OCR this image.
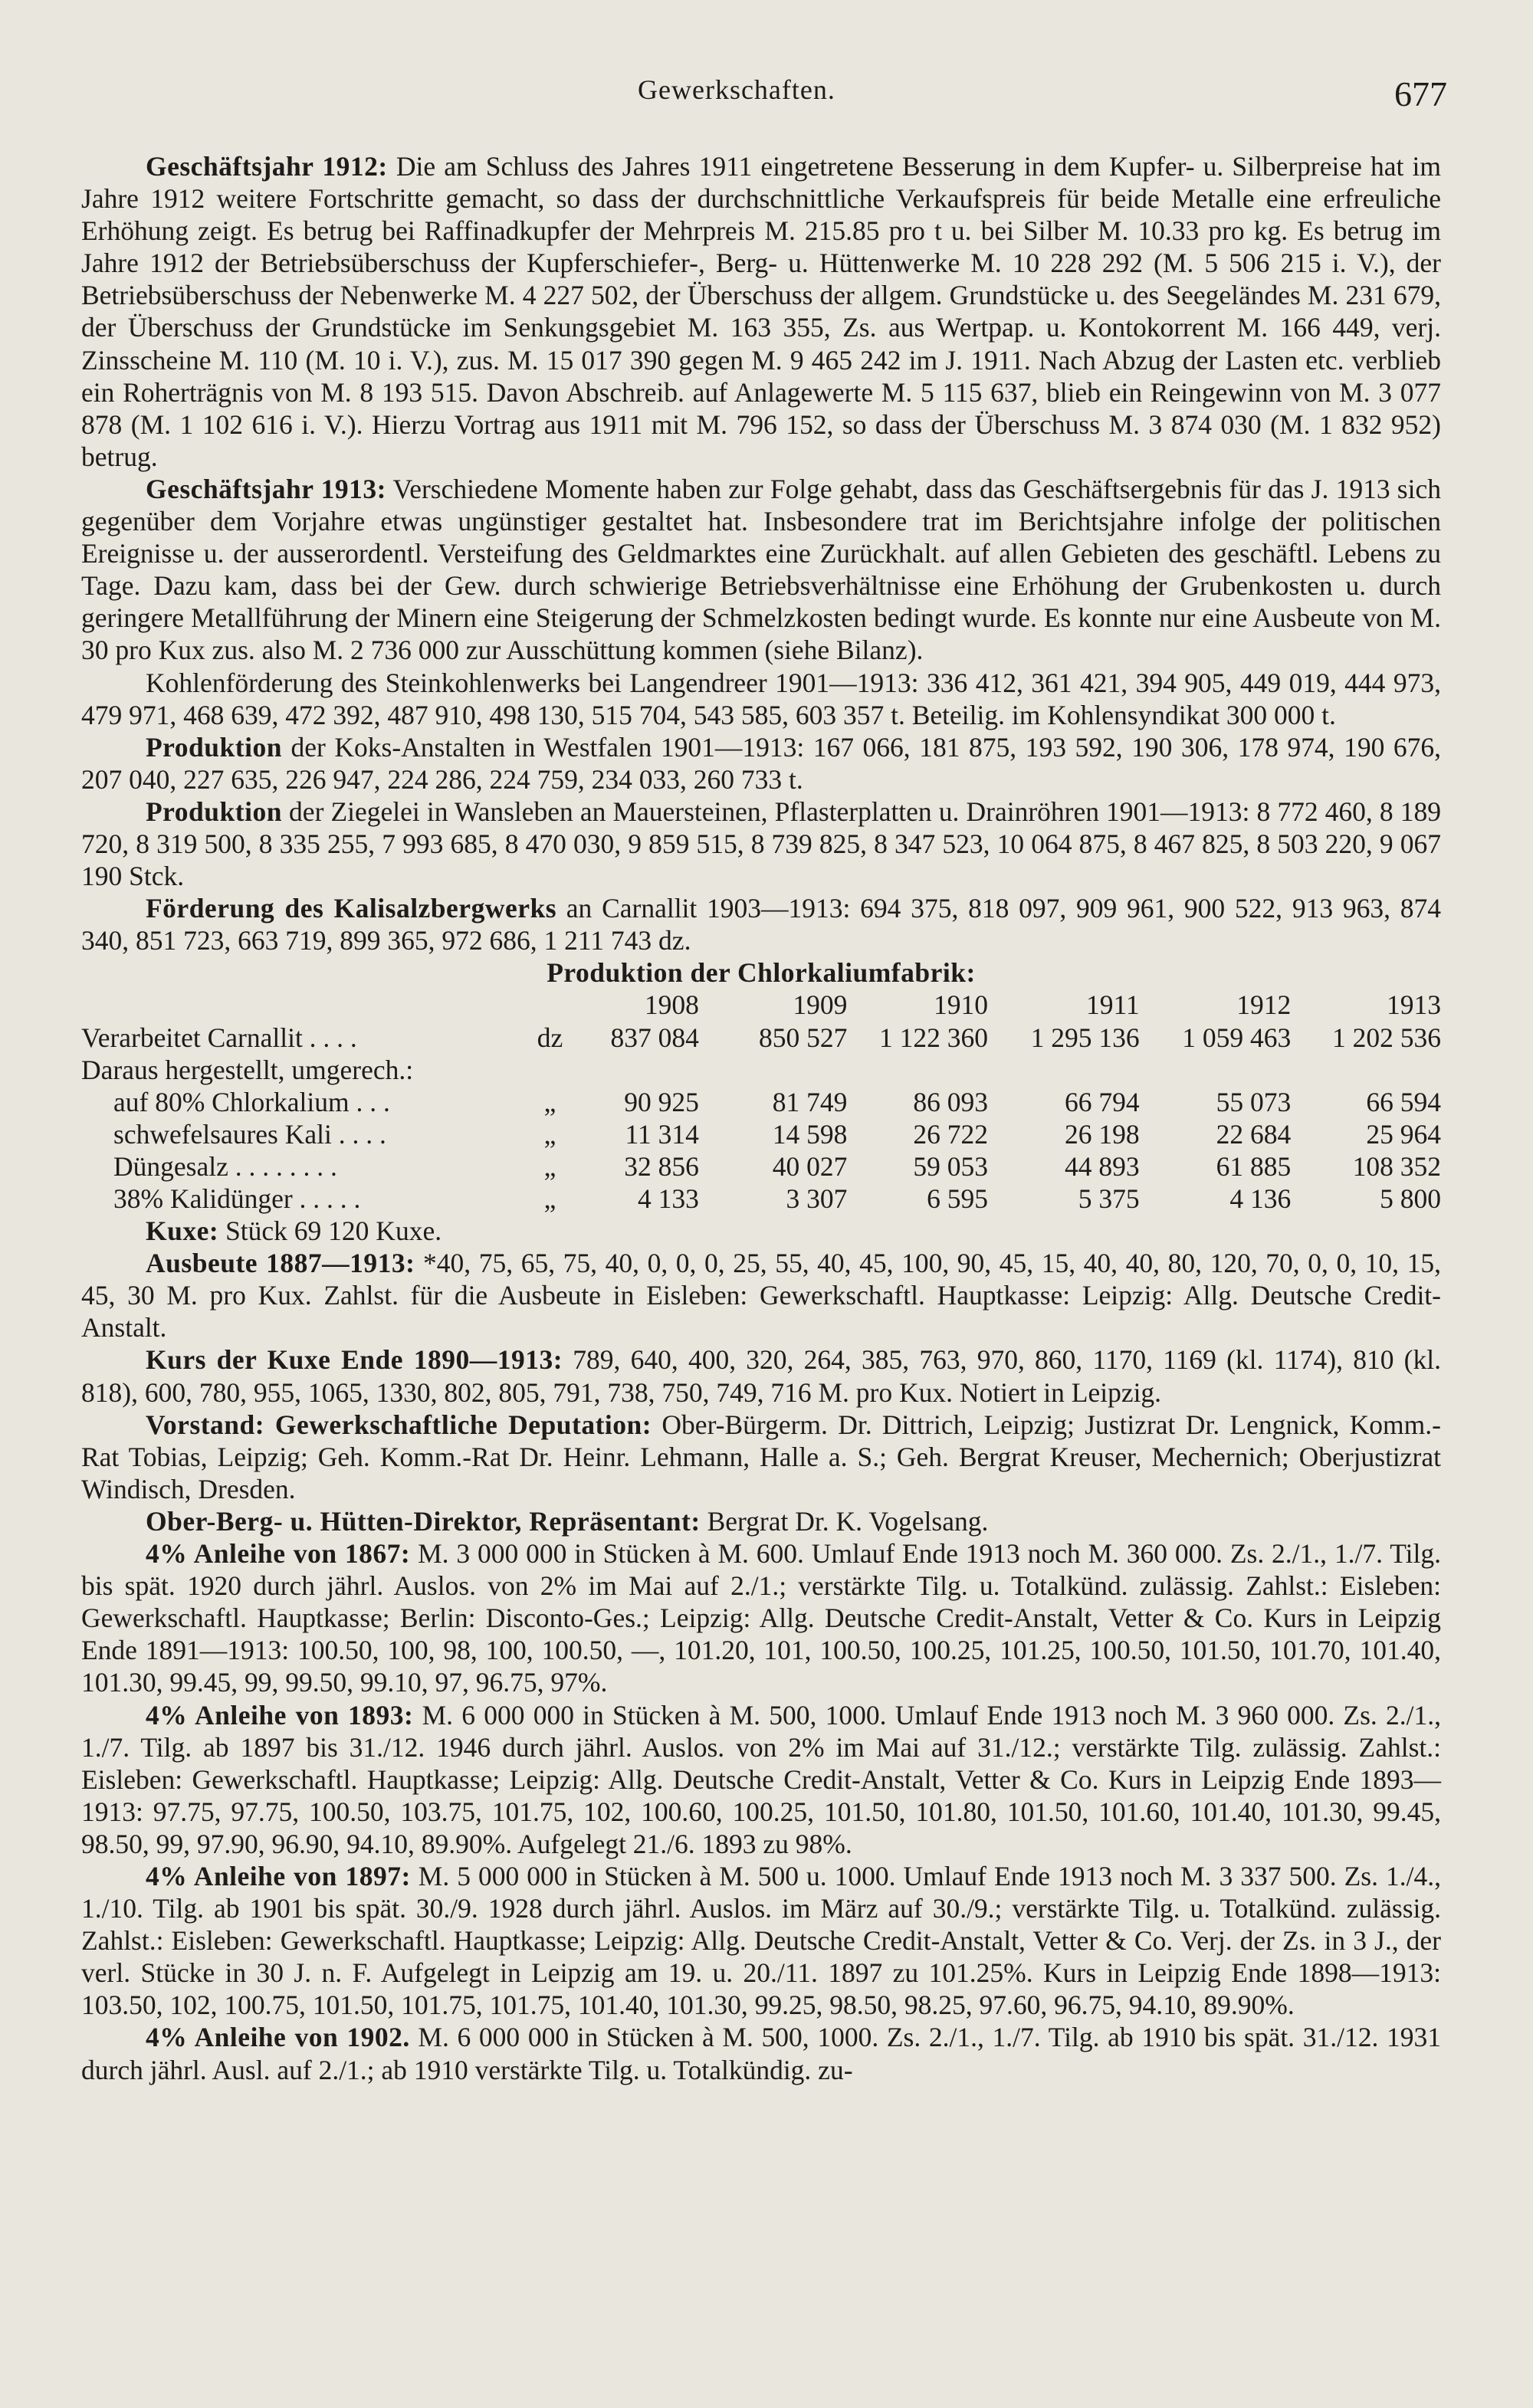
Gewerkschaften.	677

Geschäftsjahr 1912: Die am Schluss des Jahres 1911 eingetretene Besserung in dem Kupfer- u. Silberpreise hat im Jahre 1912 weitere Fortschritte gemacht, so dass der durchschnittliche Verkaufspreis für beide Metalle eine erfreuliche Erhöhung zeigt. Es betrug bei Raffinadkupfer der Mehrpreis M. 215.85 pro t u. bei Silber M. 10.33 pro kg. Es betrug im Jahre 1912 der Betriebsüberschuss der Kupferschiefer-, Berg- u. Hüttenwerke M. 10 228 292 (M. 5 506 215 i. V.), der Betriebsüberschuss der Nebenwerke M. 4 227 502, der Überschuss der allgem. Grundstücke u. des Seegeländes M. 231 679, der Überschuss der Grundstücke im Senkungsgebiet M. 163 355, Zs. aus Wertpap. u. Kontokorrent M. 166 449, verj. Zinsscheine M. 110 (M. 10 i. V.), zus. M. 15 017 390 gegen M. 9 465 242 im J. 1911. Nach Abzug der Lasten etc. verblieb ein Roherträgnis von M. 8 193 515. Davon Abschreib. auf Anlagewerte M. 5 115 637, blieb ein Reingewinn von M. 3 077 878 (M. 1 102 616 i. V.). Hierzu Vortrag aus 1911 mit M. 796 152, so dass der Überschuss M. 3 874 030 (M. 1 832 952) betrug.

Geschäftsjahr 1913: Verschiedene Momente haben zur Folge gehabt, dass das Geschäftsergebnis für das J. 1913 sich gegenüber dem Vorjahre etwas ungünstiger gestaltet hat. Insbesondere trat im Berichtsjahre infolge der politischen Ereignisse u. der ausserordentl. Versteifung des Geldmarktes eine Zurückhalt. auf allen Gebieten des geschäftl. Lebens zu Tage. Dazu kam, dass bei der Gew. durch schwierige Betriebsverhältnisse eine Erhöhung der Grubenkosten u. durch geringere Metallführung der Minern eine Steigerung der Schmelzkosten bedingt wurde. Es konnte nur eine Ausbeute von M. 30 pro Kux zus. also M. 2 736 000 zur Ausschüttung kommen (siehe Bilanz).

Kohlenförderung des Steinkohlenwerks bei Langendreer 1901—1913: 336 412, 361 421, 394 905, 449 019, 444 973, 479 971, 468 639, 472 392, 487 910, 498 130, 515 704, 543 585, 603 357 t. Beteilig. im Kohlensyndikat 300 000 t.

Produktion der Koks-Anstalten in Westfalen 1901—1913: 167 066, 181 875, 193 592, 190 306, 178 974, 190 676, 207 040, 227 635, 226 947, 224 286, 224 759, 234 033, 260 733 t.

Produktion der Ziegelei in Wansleben an Mauersteinen, Pflasterplatten u. Drainröhren 1901—1913: 8 772 460, 8 189 720, 8 319 500, 8 335 255, 7 993 685, 8 470 030, 9 859 515, 8 739 825, 8 347 523, 10 064 875, 8 467 825, 8 503 220, 9 067 190 Stck.

Förderung des Kalisalzbergwerks an Carnallit 1903—1913: 694 375, 818 097, 909 961, 900 522, 913 963, 874 340, 851 723, 663 719, 899 365, 972 686, 1 211 743 dz.

Produktion der Chlorkaliumfabrik:

		1908	1909	1910	1911	1912	1913
Verarbeitet Carnallit . . . .	dz	837 084	850 527	1 122 360	1 295 136	1 059 463	1 202 536
Daraus hergestellt, umgerech.:							
auf 80% Chlorkalium . . .	„	90 925	81 749	86 093	66 794	55 073	66 594
schwefelsaures Kali . . . .	„	11 314	14 598	26 722	26 198	22 684	25 964
Düngesalz . . . . . . . .	„	32 856	40 027	59 053	44 893	61 885	108 352
38% Kalidünger . . . . .	„	4 133	3 307	6 595	5 375	4 136	5 800

Kuxe: Stück 69 120 Kuxe.

Ausbeute 1887—1913: *40, 75, 65, 75, 40, 0, 0, 0, 25, 55, 40, 45, 100, 90, 45, 15, 40, 40, 80, 120, 70, 0, 0, 10, 15, 45, 30 M. pro Kux. Zahlst. für die Ausbeute in Eisleben: Gewerkschaftl. Hauptkasse: Leipzig: Allg. Deutsche Credit-Anstalt.

Kurs der Kuxe Ende 1890—1913: 789, 640, 400, 320, 264, 385, 763, 970, 860, 1170, 1169 (kl. 1174), 810 (kl. 818), 600, 780, 955, 1065, 1330, 802, 805, 791, 738, 750, 749, 716 M. pro Kux. Notiert in Leipzig.

Vorstand: Gewerkschaftliche Deputation: Ober-Bürgerm. Dr. Dittrich, Leipzig; Justizrat Dr. Lengnick, Komm.-Rat Tobias, Leipzig; Geh. Komm.-Rat Dr. Heinr. Lehmann, Halle a. S.; Geh. Bergrat Kreuser, Mechernich; Oberjustizrat Windisch, Dresden.

Ober-Berg- u. Hütten-Direktor, Repräsentant: Bergrat Dr. K. Vogelsang.

4% Anleihe von 1867: M. 3 000 000 in Stücken à M. 600. Umlauf Ende 1913 noch M. 360 000. Zs. 2./1., 1./7. Tilg. bis spät. 1920 durch jährl. Auslos. von 2% im Mai auf 2./1.; verstärkte Tilg. u. Totalkünd. zulässig. Zahlst.: Eisleben: Gewerkschaftl. Hauptkasse; Berlin: Disconto-Ges.; Leipzig: Allg. Deutsche Credit-Anstalt, Vetter & Co. Kurs in Leipzig Ende 1891—1913: 100.50, 100, 98, 100, 100.50, —, 101.20, 101, 100.50, 100.25, 101.25, 100.50, 101.50, 101.70, 101.40, 101.30, 99.45, 99, 99.50, 99.10, 97, 96.75, 97%.

4% Anleihe von 1893: M. 6 000 000 in Stücken à M. 500, 1000. Umlauf Ende 1913 noch M. 3 960 000. Zs. 2./1., 1./7. Tilg. ab 1897 bis 31./12. 1946 durch jährl. Auslos. von 2% im Mai auf 31./12.; verstärkte Tilg. zulässig. Zahlst.: Eisleben: Gewerkschaftl. Hauptkasse; Leipzig: Allg. Deutsche Credit-Anstalt, Vetter & Co. Kurs in Leipzig Ende 1893—1913: 97.75, 97.75, 100.50, 103.75, 101.75, 102, 100.60, 100.25, 101.50, 101.80, 101.50, 101.60, 101.40, 101.30, 99.45, 98.50, 99, 97.90, 96.90, 94.10, 89.90%. Aufgelegt 21./6. 1893 zu 98%.

4% Anleihe von 1897: M. 5 000 000 in Stücken à M. 500 u. 1000. Umlauf Ende 1913 noch M. 3 337 500. Zs. 1./4., 1./10. Tilg. ab 1901 bis spät. 30./9. 1928 durch jährl. Auslos. im März auf 30./9.; verstärkte Tilg. u. Totalkünd. zulässig. Zahlst.: Eisleben: Gewerkschaftl. Hauptkasse; Leipzig: Allg. Deutsche Credit-Anstalt, Vetter & Co. Verj. der Zs. in 3 J., der verl. Stücke in 30 J. n. F. Aufgelegt in Leipzig am 19. u. 20./11. 1897 zu 101.25%. Kurs in Leipzig Ende 1898—1913: 103.50, 102, 100.75, 101.50, 101.75, 101.75, 101.40, 101.30, 99.25, 98.50, 98.25, 97.60, 96.75, 94.10, 89.90%.

4% Anleihe von 1902. M. 6 000 000 in Stücken à M. 500, 1000. Zs. 2./1., 1./7. Tilg. ab 1910 bis spät. 31./12. 1931 durch jährl. Ausl. auf 2./1.; ab 1910 verstärkte Tilg. u. Totalkündig. zu-
